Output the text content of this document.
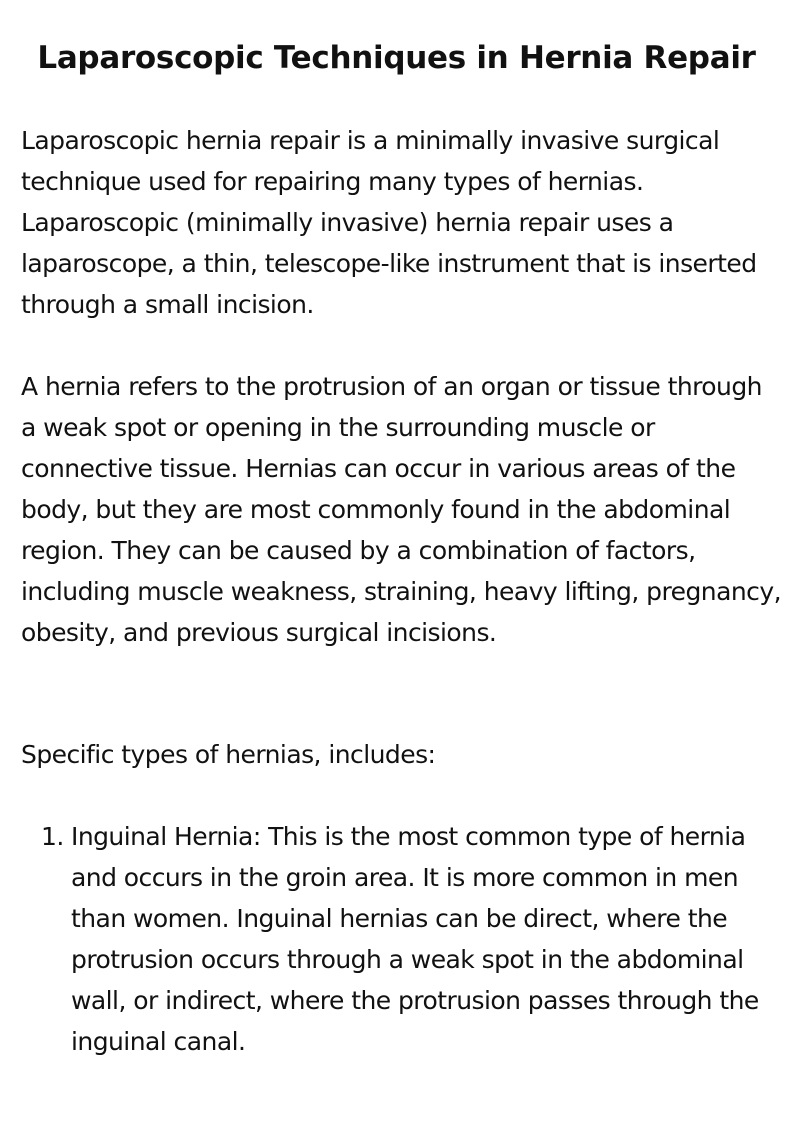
Laparoscopic Techniques in Hernia Repair

Laparoscopic hernia repair is a minimally invasive surgical technique used for repairing many types of hernias. Laparoscopic (minimally invasive) hernia repair uses a laparoscope, a thin, telescope-like instrument that is inserted through a small incision.

A hernia refers to the protrusion of an organ or tissue through a weak spot or opening in the surrounding muscle or connective tissue. Hernias can occur in various areas of the body, but they are most commonly found in the abdominal region. They can be caused by a combination of factors, including muscle weakness, straining, heavy lifting, pregnancy, obesity, and previous surgical incisions.

Specific types of hernias, includes:

1. Inguinal Hernia: This is the most common type of hernia and occurs in the groin area. It is more common in men than women. Inguinal hernias can be direct, where the protrusion occurs through a weak spot in the abdominal wall, or indirect, where the protrusion passes through the inguinal canal.
